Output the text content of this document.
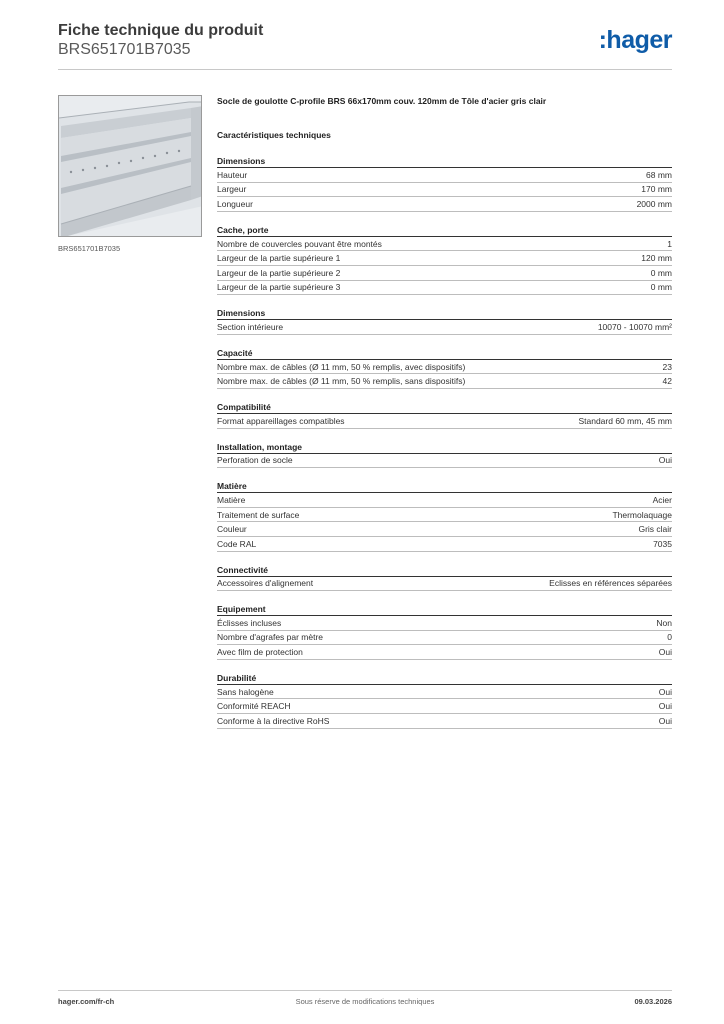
Fiche technique du produit
BRS651701B7035	:hager
BRS651701B7035
Socle de goulotte C-profile BRS 66x170mm couv. 120mm de Tôle d'acier gris clair
Caractéristiques techniques
Dimensions
Hauteur	68 mm
Largeur	170 mm
Longueur	2000 mm
Cache, porte
Nombre de couvercles pouvant être montés	1
Largeur de la partie supérieure 1	120 mm
Largeur de la partie supérieure 2	0 mm
Largeur de la partie supérieure 3	0 mm
Dimensions
Section intérieure	10070 - 10070 mm²
Capacité
Nombre max. de câbles (Ø 11 mm, 50 % remplis, avec dispositifs)	23
Nombre max. de câbles (Ø 11 mm, 50 % remplis, sans dispositifs)	42
Compatibilité
Format appareillages compatibles	Standard 60 mm, 45 mm
Installation, montage
Perforation de socle	Oui
Matière
Matière	Acier
Traitement de surface	Thermolaquage
Couleur	Gris clair
Code RAL	7035
Connectivité
Accessoires d'alignement	Eclisses en références séparées
Equipement
Éclisses incluses	Non
Nombre d'agrafes par mètre	0
Avec film de protection	Oui
Durabilité
Sans halogène	Oui
Conformité REACH	Oui
Conforme à la directive RoHS	Oui
hager.com/fr-ch	Sous réserve de modifications techniques	09.03.2026
